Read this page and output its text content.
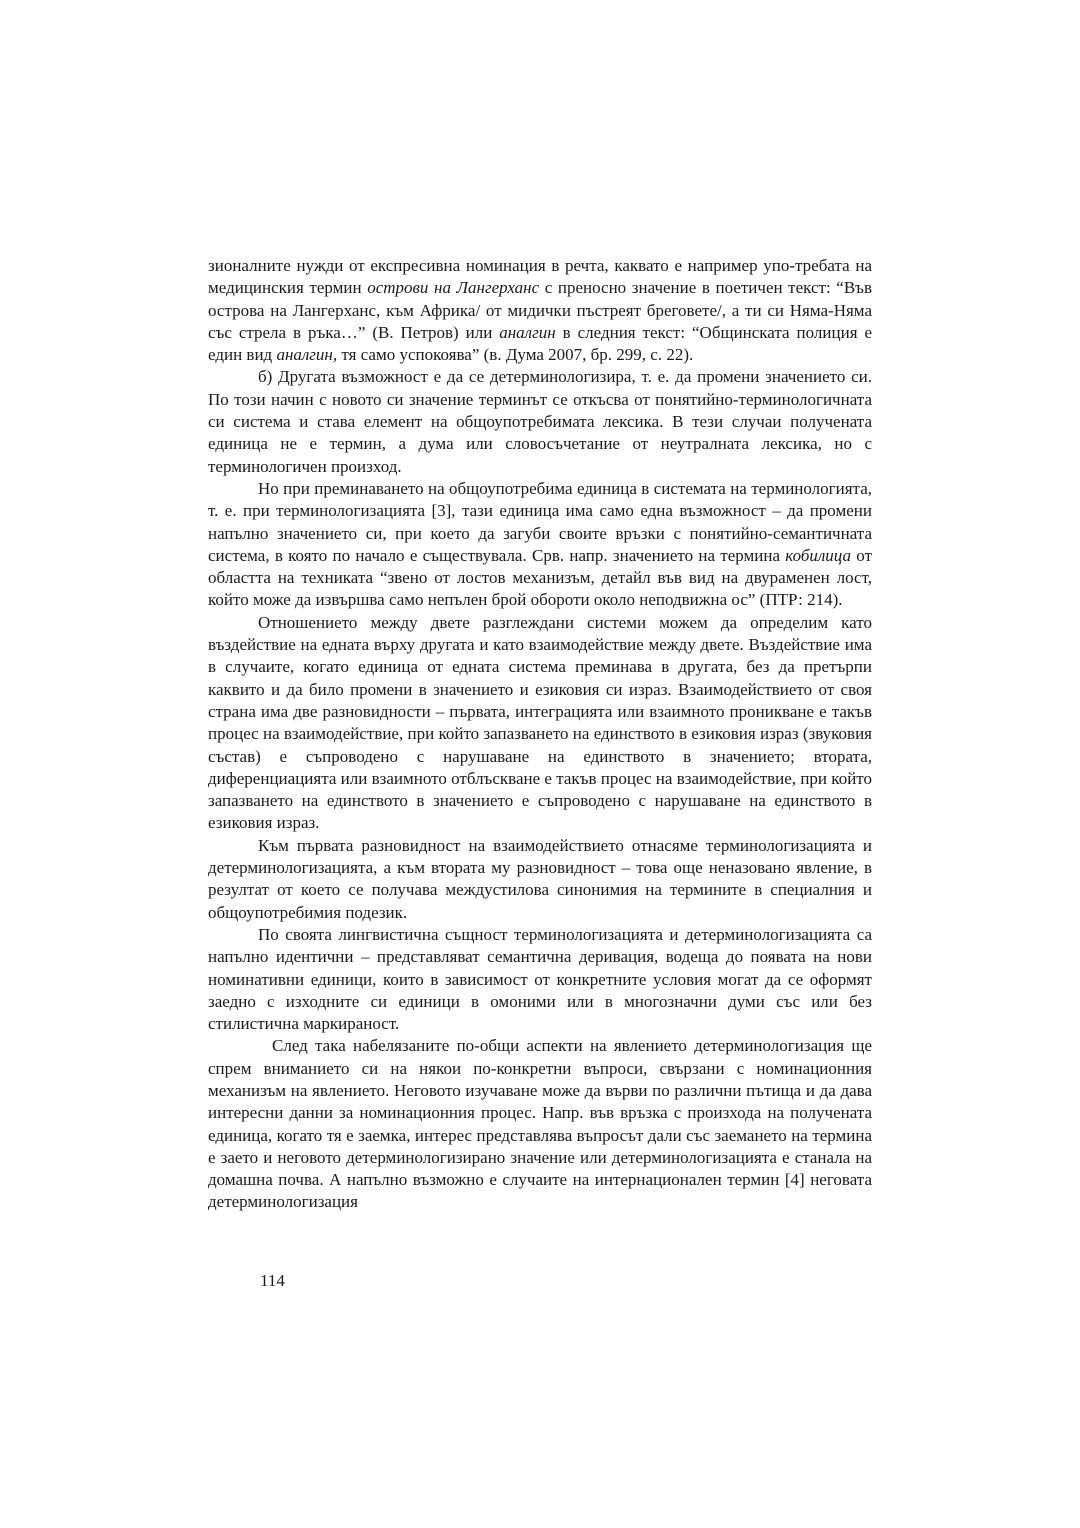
зионалните нужди от експресивна номинация в речта, каквато е например упо-требата на медицинския термин острови на Лангерханс с преносно значение в поетичен текст: “Във острова на Лангерханс, към Африка/ от мидички пъстреят бреговете/, а ти си Няма-Няма със стрела в ръка…” (В. Петров) или аналгин в следния текст: “Общинската полиция е един вид аналгин, тя само успокоява” (в. Дума 2007, бр. 299, с. 22).

б) Другата възможност е да се детерминологизира, т. е. да промени значението си. По този начин с новото си значение терминът се откъсва от понятийно-терминологичната си система и става елемент на общоупотребимата лексика. В тези случаи получената единица не е термин, а дума или словосъчетание от неутралната лексика, но с терминологичен произход.

Но при преминаването на общоупотребима единица в системата на терминологията, т. е. при терминологизацията [3], тази единица има само една възможност – да промени напълно значението си, при което да загуби своите връзки с понятийно-семантичната система, в която по начало е съществувала. Срв. напр. значението на термина кобилица от областта на техниката “звено от лостов механизъм, детайл във вид на двураменен лост, който може да извършва само непълен брой обороти около неподвижна ос” (ПТР: 214).

Отношението между двете разглеждани системи можем да определим като въздействие на едната върху другата и като взаимодействие между двете. Въздействие има в случаите, когато единица от едната система преминава в другата, без да претърпи каквито и да било промени в значението и езиковия си израз. Взаимодействието от своя страна има две разновидности – първата, интеграцията или взаимното проникване е такъв процес на взаимодействие, при който запазването на единството в езиковия израз (звуковия състав) е съпроводено с нарушаване на единството в значението; втората, диференциацията или взаимното отблъскване е такъв процес на взаимодействие, при който запазването на единството в значението е съпроводено с нарушаване на единството в езиковия израз.

Към първата разновидност на взаимодействието отнасяме терминологизацията и детерминологизацията, а към втората му разновидност – това още неназовано явление, в резултат от което се получава междустилова синонимия на термините в специалния и общоупотребимия подезик.

По своята лингвистична същност терминологизацията и детерминологизацията са напълно идентични – представляват семантична деривация, водеща до появата на нови номинативни единици, които в зависимост от конкретните условия могат да се оформят заедно с изходните си единици в омоними или в многозначни думи със или без стилистична маркираност.

След така набелязаните по-общи аспекти на явлението детерминологизация ще спрем вниманието си на някои по-конкретни въпроси, свързани с номинационния механизъм на явлението. Неговото изучаване може да върви по различни пътища и да дава интересни данни за номинационния процес. Напр. във връзка с произхода на получената единица, когато тя е заемка, интерес представлява въпросът дали със заемането на термина е заето и неговото детерминологизирано значение или детерминологизацията е станала на домашна почва. А напълно възможно е случаите на интернационален термин [4] неговата детерминологизация

114
